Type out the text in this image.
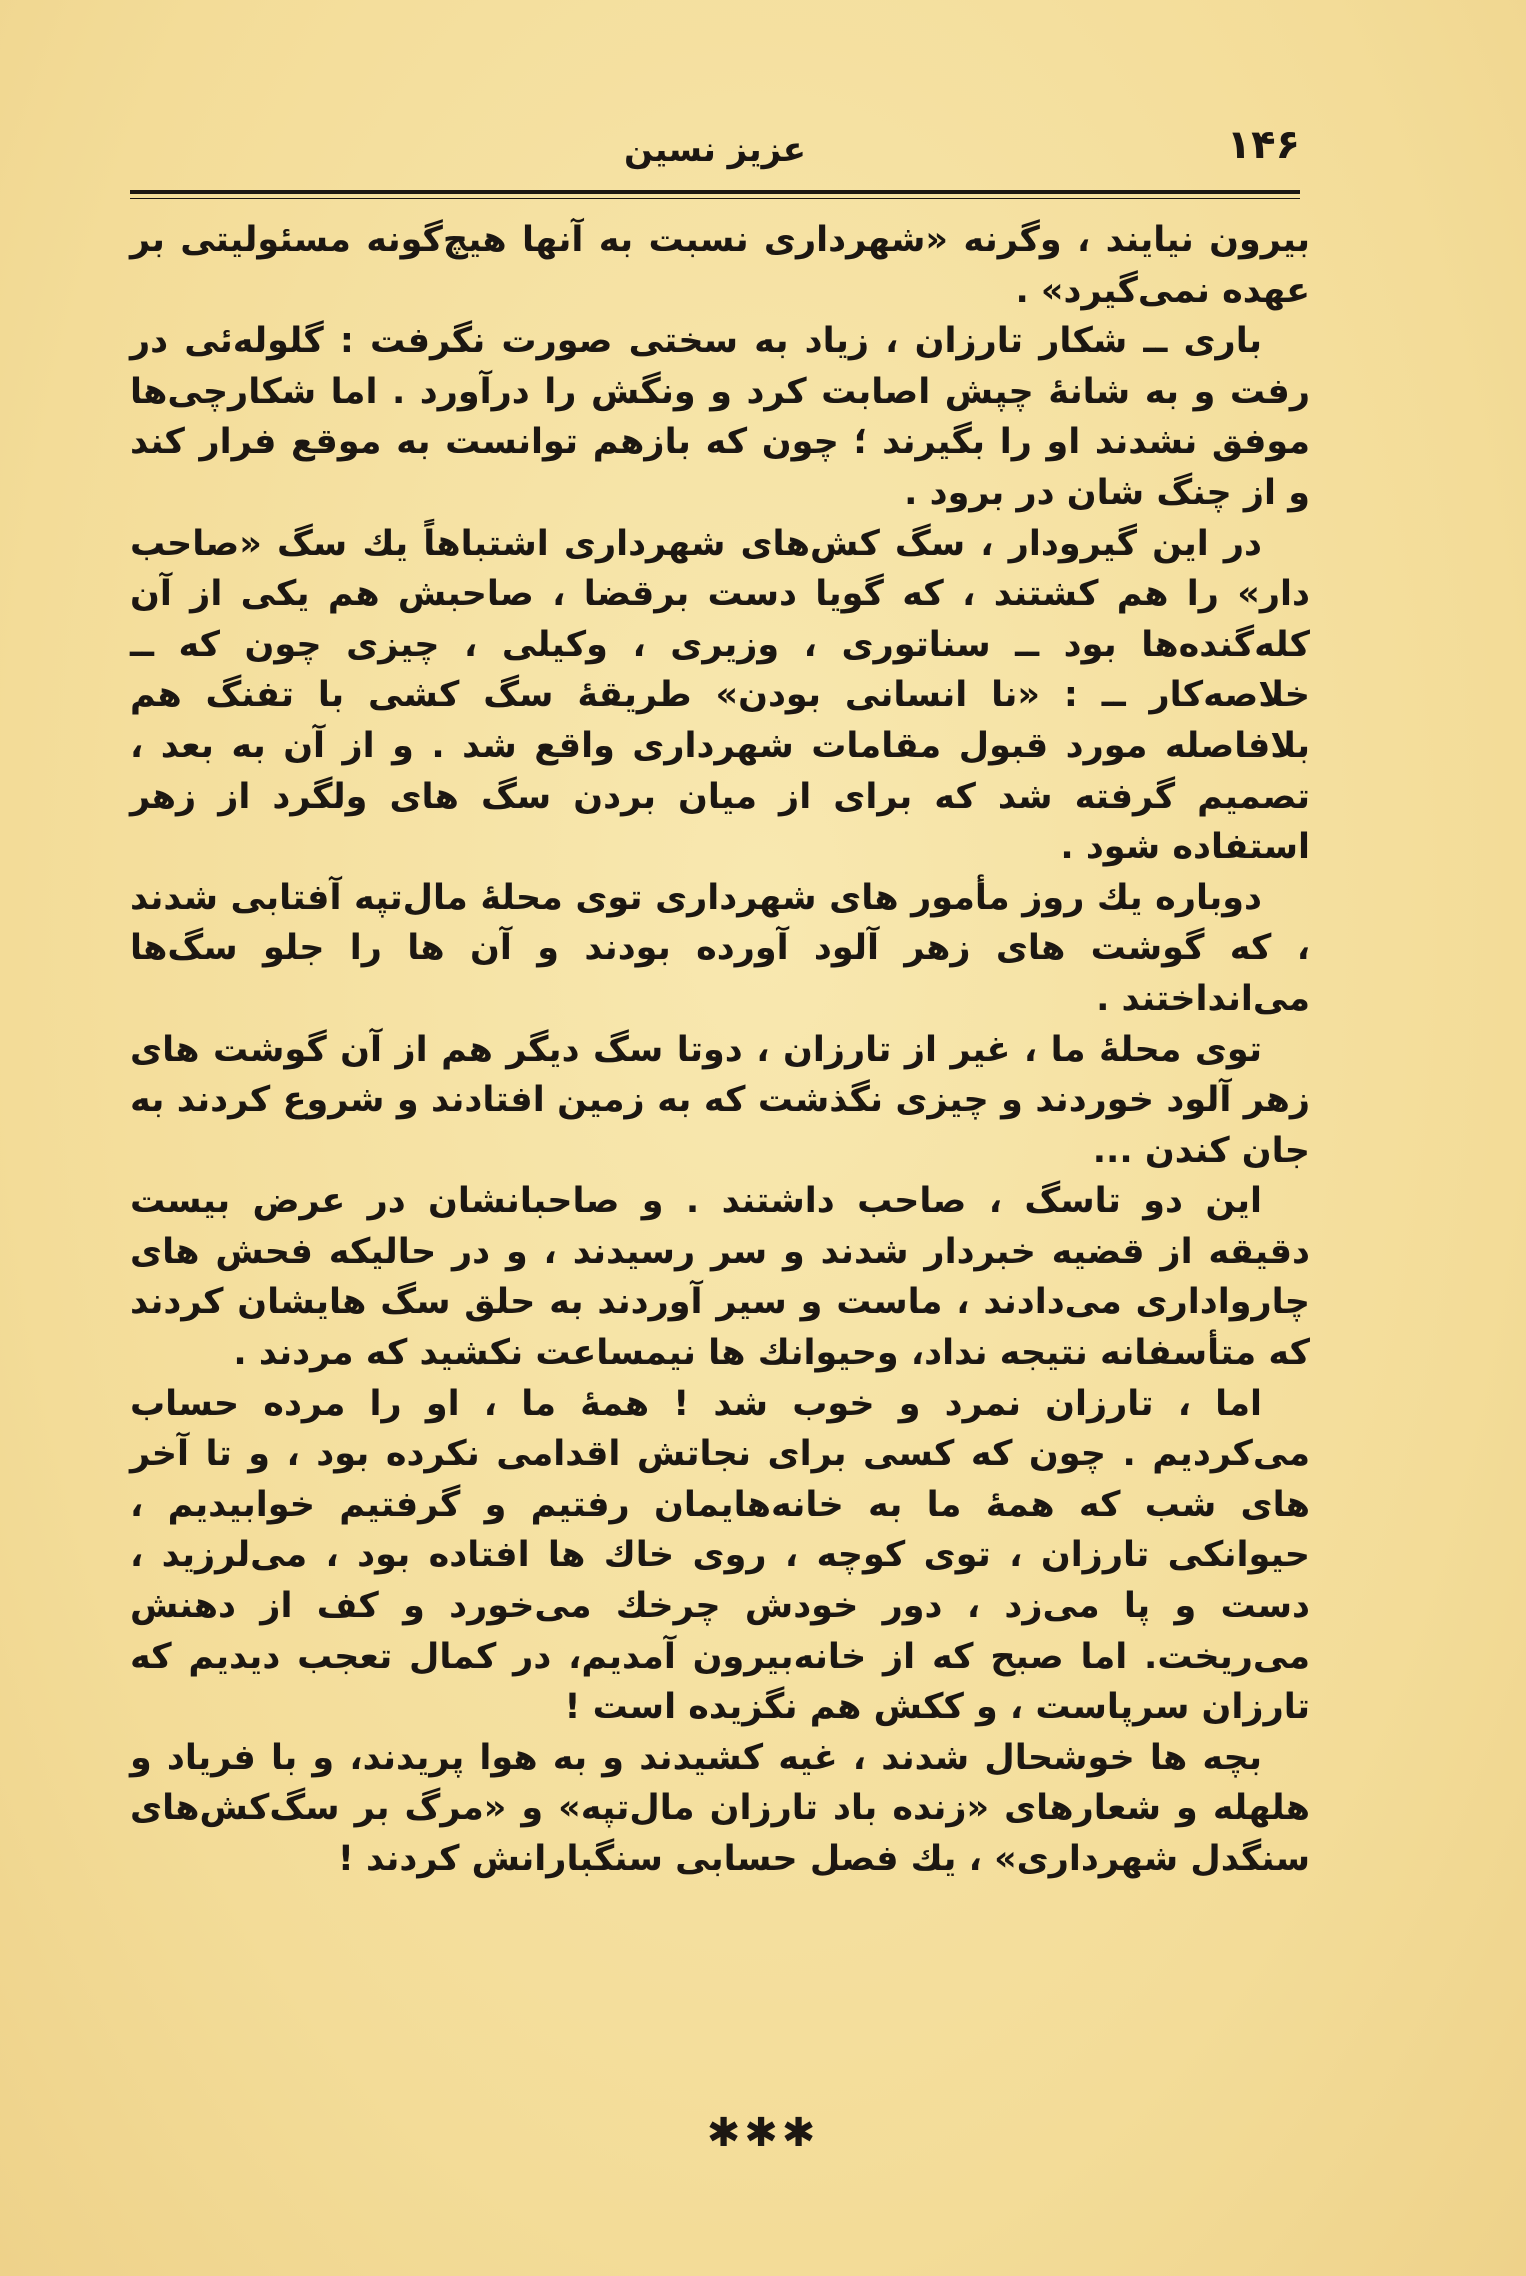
۱۴۶
عزیز نسین

بیرون نیایند ، وگرنه «شهرداری نسبت به آنها هیچ‌گونه مسئولیتی بر عهده نمی‌گیرد» .

باری ــ شکار تارزان ، زیاد به سختی صورت نگرفت : گلوله‌ئی در رفت و به شانهٔ چپش اصابت کرد و ونگش را درآورد . اما شکارچی‌ها موفق نشدند او را بگیرند ؛ چون که بازهم توانست به موقع فرار کند و از چنگ شان در برود .

در این گیرودار ، سگ کش‌های شهرداری اشتباهاً یك سگ «صاحب دار» را هم کشتند ، که گویا دست برقضا ، صاحبش هم یکی از آن کله‌گنده‌ها بود ــ سناتوری ، وزیری ، وکیلی ، چیزی چون که ــ خلاصه‌کار ــ : «نا انسانی بودن» طریقهٔ سگ کشی با تفنگ هم بلافاصله مورد قبول مقامات شهرداری واقع شد . و از آن به بعد ، تصمیم گرفته شد که برای از میان بردن سگ های ولگرد از زهر استفاده شود .

دوباره یك روز مأمور های شهرداری توی محلهٔ مال‌تپه آفتابی شدند ، که گوشت های زهر آلود آورده بودند و آن ها را جلو سگ‌ها می‌انداختند .

توی محلهٔ ما ، غیر از تارزان ، دوتا سگ دیگر هم از آن گوشت های زهر آلود خوردند و چیزی نگذشت که به زمین افتادند و شروع کردند به جان کندن ...

این دو تاسگ ، صاحب داشتند . و صاحبانشان در عرض بیست دقیقه از قضیه خبردار شدند و سر رسیدند ، و در حالیکه فحش های چاروا‌داری می‌دادند ، ماست و سیر آوردند به حلق سگ هایشان کردند که متأسفانه نتیجه نداد، وحیوانك ها نیمساعت نکشید که مردند .

اما ، تارزان نمرد و خوب شد ! همهٔ ما ، او را مرده حساب می‌کردیم . چون که کسی برای نجاتش اقدامی نکرده بود ، و تا آخر های شب که همهٔ ما به خانه‌هایمان رفتیم و گرفتیم خوابیدیم ، حیوانکی تارزان ، توی کوچه ، روی خاك ها افتاده بود ، می‌لرزید ، دست و پا می‌زد ، دور خودش چرخك می‌خورد و کف از دهنش می‌ریخت. اما صبح که از خانه‌بیرون آمدیم، در کمال تعجب دیدیم که تارزان سرپاست ، و ککش هم نگزیده است !

بچه ها خوشحال شدند ، غیه کشیدند و به هوا پریدند، و با فریاد و هلهله و شعارهای «زنده باد تارزان مال‌تپه» و «مرگ بر سگ‌کش‌های سنگدل شهرداری» ، یك فصل حسابی سنگبارانش کردند !

✱✱✱
